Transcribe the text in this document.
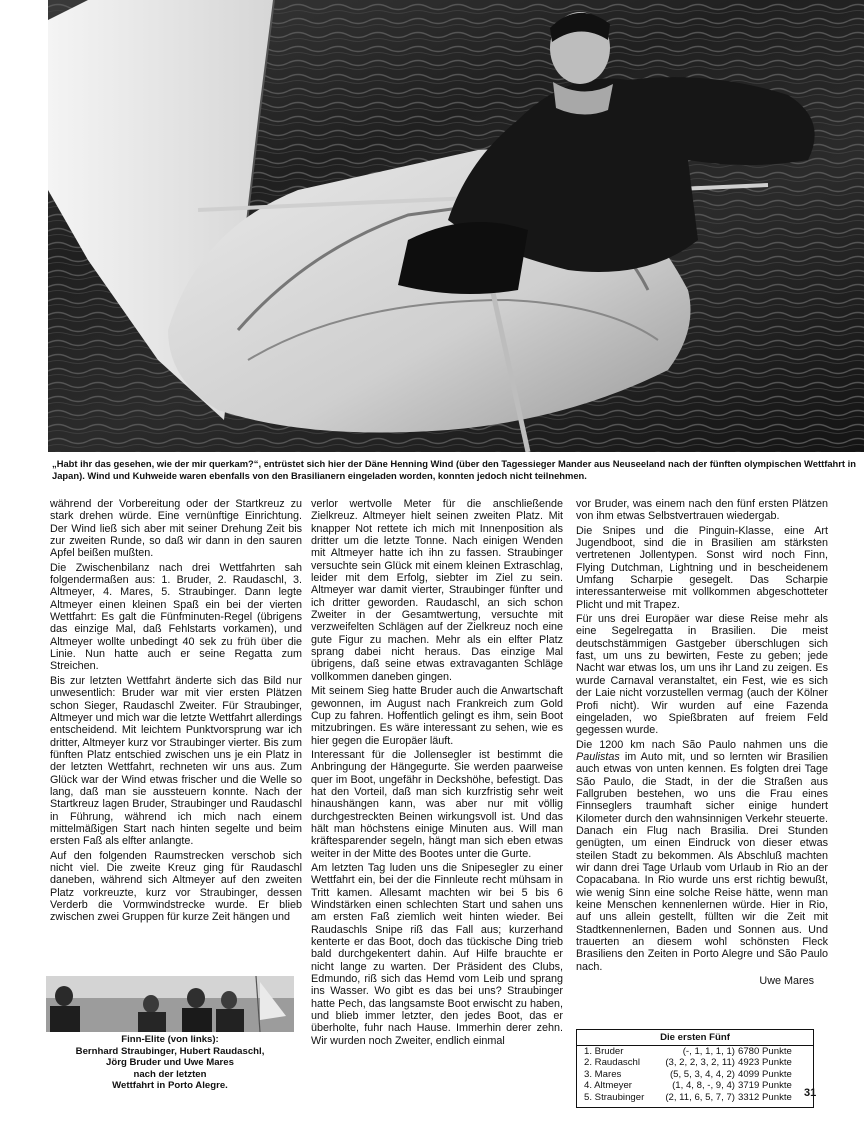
„Habt ihr das gesehen, wie der mir querkam?“, entrüstet sich hier der Däne Henning Wind (über den Tagessieger Mander aus Neuseeland nach der fünften olympischen Wettfahrt in Japan). Wind und Kuhweide waren ebenfalls von den Brasilianern eingeladen worden, konnten jedoch nicht teilnehmen.

während der Vorbereitung oder der Startkreuz zu stark drehen würde. Eine vernünftige Einrichtung. Der Wind ließ sich aber mit seiner Drehung Zeit bis zur zweiten Runde, so daß wir dann in den sauren Apfel beißen mußten.

Die Zwischenbilanz nach drei Wettfahrten sah folgendermaßen aus: 1. Bruder, 2. Raudaschl, 3. Altmeyer, 4. Mares, 5. Straubinger. Dann legte Altmeyer einen kleinen Spaß ein bei der vierten Wettfahrt: Es galt die Fünfminuten-Regel (übrigens das einzige Mal, daß Fehlstarts vorkamen), und Altmeyer wollte unbedingt 40 sek zu früh über die Linie. Nun hatte auch er seine Regatta zum Streichen.

Bis zur letzten Wettfahrt änderte sich das Bild nur unwesentlich: Bruder war mit vier ersten Plätzen schon Sieger, Raudaschl Zweiter. Für Straubinger, Altmeyer und mich war die letzte Wettfahrt allerdings entscheidend. Mit leichtem Punktvorsprung war ich dritter, Altmeyer kurz vor Straubinger vierter. Bis zum fünften Platz entschied zwischen uns je ein Platz in der letzten Wettfahrt, rechneten wir uns aus. Zum Glück war der Wind etwas frischer und die Welle so lang, daß man sie aussteuern konnte. Nach der Startkreuz lagen Bruder, Straubinger und Raudaschl in Führung, während ich mich nach einem mittelmäßigen Start nach hinten segelte und beim ersten Faß als elfter anlangte.

Auf den folgenden Raumstrecken verschob sich nicht viel. Die zweite Kreuz ging für Raudaschl daneben, während sich Altmeyer auf den zweiten Platz vorkreuzte, kurz vor Straubinger, dessen Verderb die Vormwindstrecke wurde. Er blieb zwischen zwei Gruppen für kurze Zeit hängen und

Finn-Elite (von links):
Bernhard Straubinger, Hubert Raudaschl,
Jörg Bruder und Uwe Mares
nach der letzten
Wettfahrt in Porto Alegre.

verlor wertvolle Meter für die anschließende Zielkreuz. Altmeyer hielt seinen zweiten Platz. Mit knapper Not rettete ich mich mit Innenposition als dritter um die letzte Tonne. Nach einigen Wenden mit Altmeyer hatte ich ihn zu fassen. Straubinger versuchte sein Glück mit einem kleinen Extraschlag, leider mit dem Erfolg, siebter im Ziel zu sein. Altmeyer war damit vierter, Straubinger fünfter und ich dritter geworden. Raudaschl, an sich schon Zweiter in der Gesamtwertung, versuchte mit verzweifelten Schlägen auf der Zielkreuz noch eine gute Figur zu machen. Mehr als ein elfter Platz sprang dabei nicht heraus. Das einzige Mal übrigens, daß seine etwas extravaganten Schläge vollkommen daneben gingen.

Mit seinem Sieg hatte Bruder auch die Anwartschaft gewonnen, im August nach Frankreich zum Gold Cup zu fahren. Hoffentlich gelingt es ihm, sein Boot mitzubringen. Es wäre interessant zu sehen, wie es hier gegen die Europäer läuft.

Interessant für die Jollensegler ist bestimmt die Anbringung der Hängegurte. Sie werden paarweise quer im Boot, ungefähr in Deckshöhe, befestigt. Das hat den Vorteil, daß man sich kurzfristig sehr weit hinaushängen kann, was aber nur mit völlig durchgestreckten Beinen wirkungsvoll ist. Und das hält man höchstens einige Minuten aus. Will man kräftesparender segeln, hängt man sich eben etwas weiter in der Mitte des Bootes unter die Gurte.

Am letzten Tag luden uns die Snipesegler zu einer Wettfahrt ein, bei der die Finnleute recht mühsam in Tritt kamen. Allesamt machten wir bei 5 bis 6 Windstärken einen schlechten Start und sahen uns am ersten Faß ziemlich weit hinten wieder. Bei Raudaschls Snipe riß das Fall aus; kurzerhand kenterte er das Boot, doch das tückische Ding trieb bald durchgekentert dahin. Auf Hilfe brauchte er nicht lange zu warten. Der Präsident des Clubs, Edmundo, riß sich das Hemd vom Leib und sprang ins Wasser. Wo gibt es das bei uns? Straubinger hatte Pech, das langsamste Boot erwischt zu haben, und blieb immer letzter, den jedes Boot, das er überholte, fuhr nach Hause. Immerhin derer zehn. Wir wurden noch Zweiter, endlich einmal

vor Bruder, was einem nach den fünf ersten Plätzen von ihm etwas Selbstvertrauen wiedergab.

Die Snipes und die Pinguin-Klasse, eine Art Jugendboot, sind die in Brasilien am stärksten vertretenen Jollentypen. Sonst wird noch Finn, Flying Dutchman, Lightning und in bescheidenem Umfang Scharpie gesegelt. Das Scharpie interessanterweise mit vollkommen abgeschotteter Plicht und mit Trapez.

Für uns drei Europäer war diese Reise mehr als eine Segelregatta in Brasilien. Die meist deutschstämmigen Gastgeber überschlugen sich fast, um uns zu bewirten, Feste zu geben; jede Nacht war etwas los, um uns ihr Land zu zeigen. Es wurde Carnaval veranstaltet, ein Fest, wie es sich der Laie nicht vorzustellen vermag (auch der Kölner Profi nicht). Wir wurden auf eine Fazenda eingeladen, wo Spießbraten auf freiem Feld gegessen wurde.

Die 1200 km nach São Paulo nahmen uns die Paulistas im Auto mit, und so lernten wir Brasilien auch etwas von unten kennen. Es folgten drei Tage São Paulo, die Stadt, in der die Straßen aus Fallgruben bestehen, wo uns die Frau eines Finnseglers traumhaft sicher einige hundert Kilometer durch den wahnsinnigen Verkehr steuerte. Danach ein Flug nach Brasilia. Drei Stunden genügten, um einen Eindruck von dieser etwas steilen Stadt zu bekommen. Als Abschluß machten wir dann drei Tage Urlaub vom Urlaub in Rio an der Copacabana. In Rio wurde uns erst richtig bewußt, wie wenig Sinn eine solche Reise hätte, wenn man keine Menschen kennenlernen würde. Hier in Rio, auf uns allein gestellt, füllten wir die Zeit mit Stadtkennenlernen, Baden und Sonnen aus. Und trauerten an diesem wohl schönsten Fleck Brasiliens den Zeiten in Porto Alegre und São Paulo nach.

Uwe Mares

Die ersten Fünf
1. Bruder	(-, 1, 1, 1, 1) 6780 Punkte
2. Raudaschl	(3, 2, 2, 3, 2, 11) 4923 Punkte
3. Mares	(5, 5, 3, 4, 4, 2) 4099 Punkte
4. Altmeyer	(1, 4, 8, -, 9, 4) 3719 Punkte
5. Straubinger	(2, 11, 6, 5, 7, 7) 3312 Punkte	31
